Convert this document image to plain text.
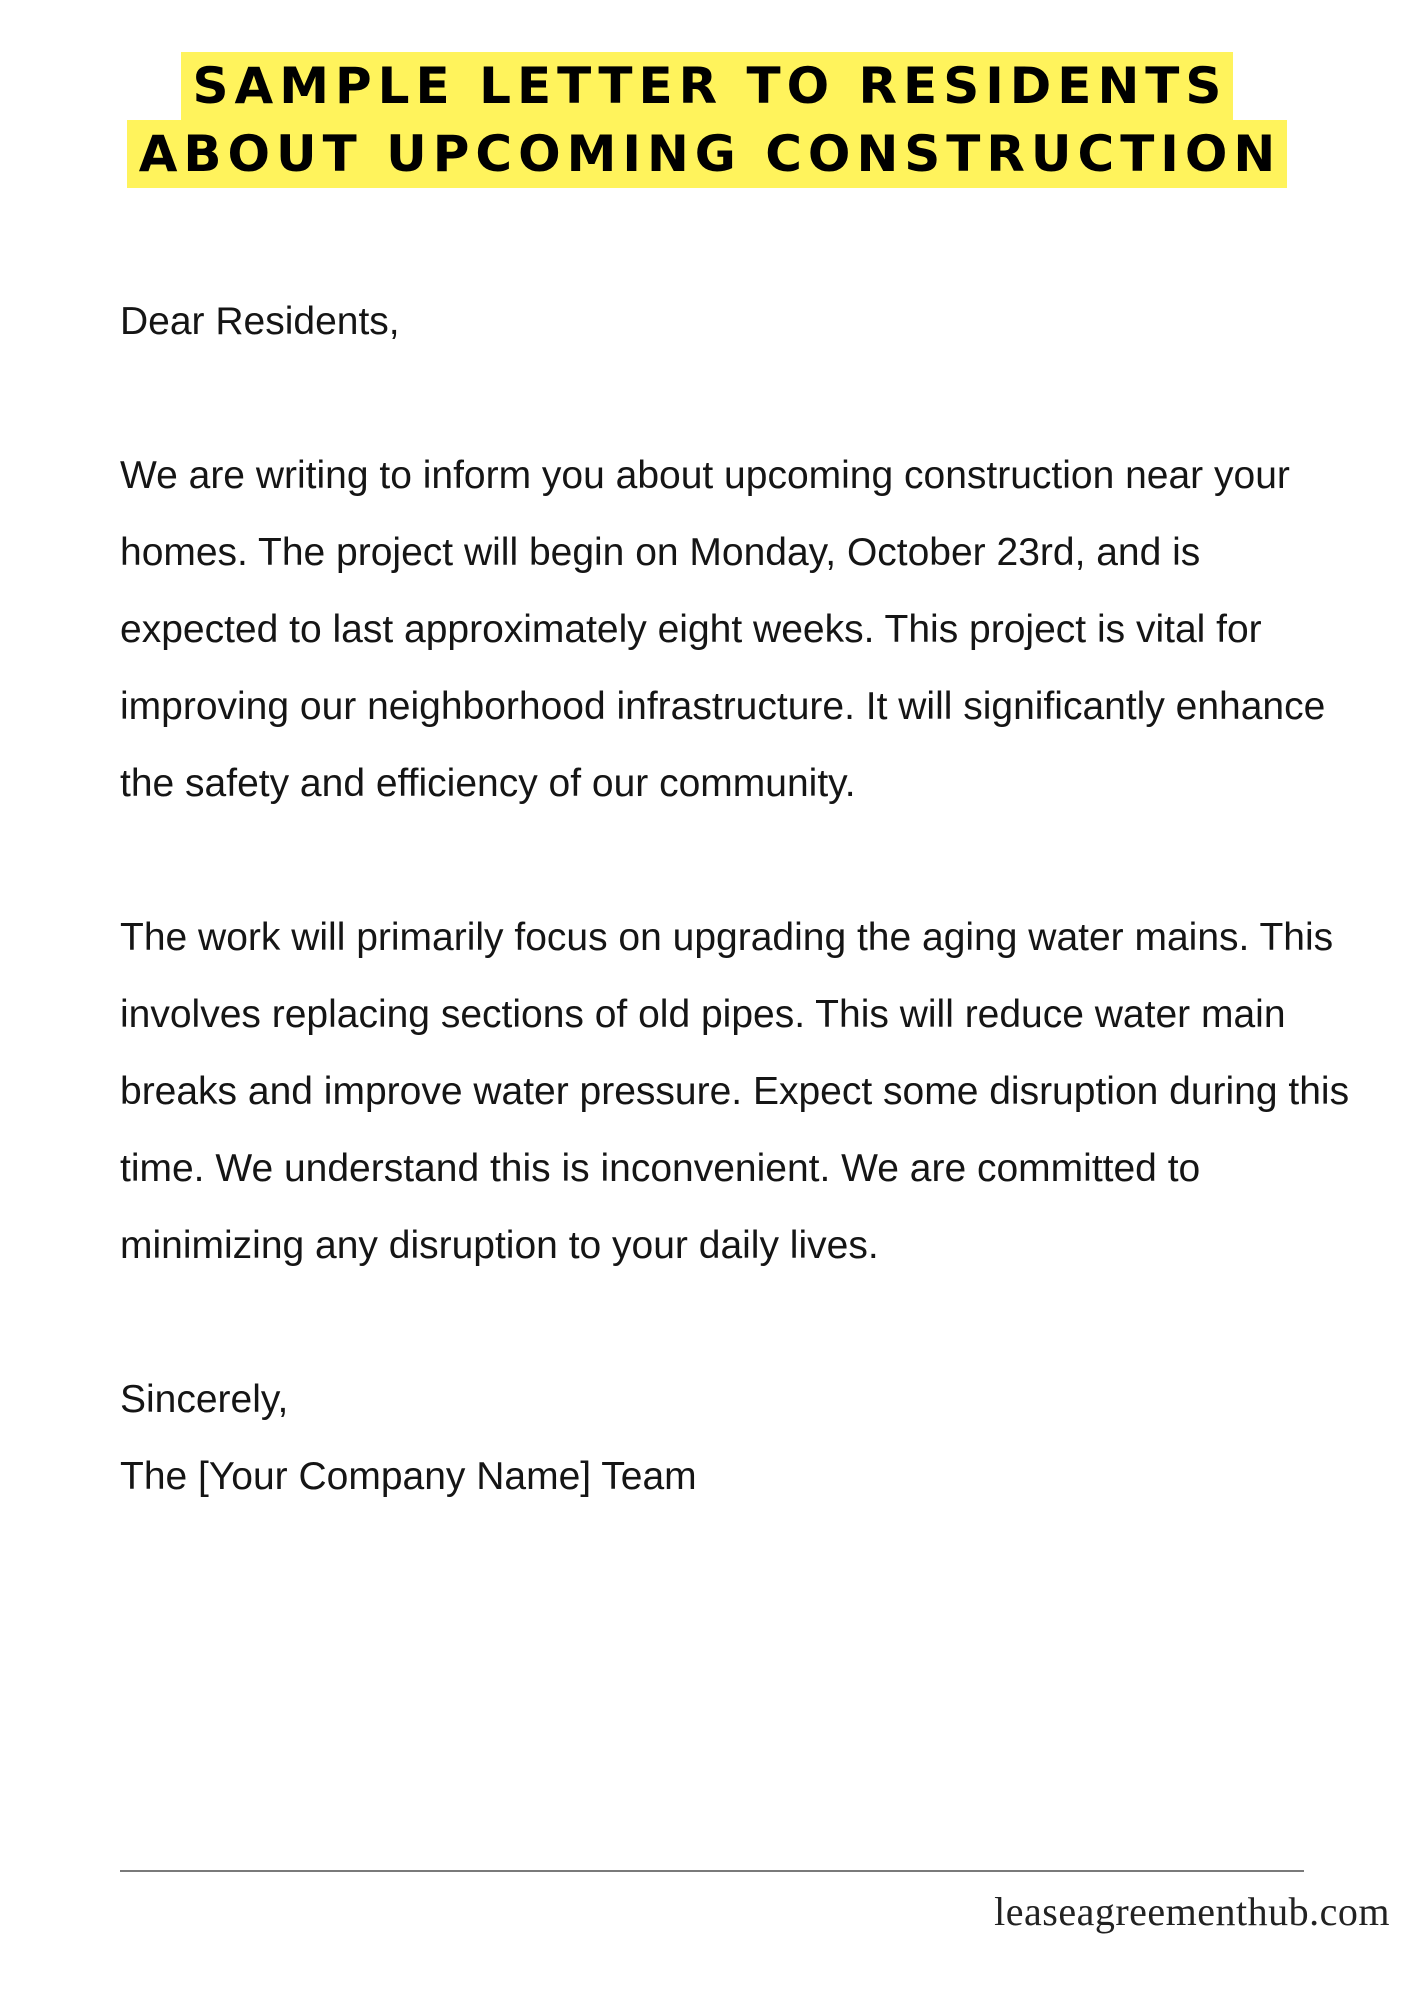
SAMPLE LETTER TO RESIDENTS
ABOUT UPCOMING CONSTRUCTION

Dear Residents,

We are writing to inform you about upcoming construction near your homes. The project will begin on Monday, October 23rd, and is expected to last approximately eight weeks. This project is vital for improving our neighborhood infrastructure. It will significantly enhance the safety and efficiency of our community.

The work will primarily focus on upgrading the aging water mains. This involves replacing sections of old pipes. This will reduce water main breaks and improve water pressure. Expect some disruption during this time. We understand this is inconvenient. We are committed to minimizing any disruption to your daily lives.

Sincerely,

The [Your Company Name] Team

leaseagreementhub.com
